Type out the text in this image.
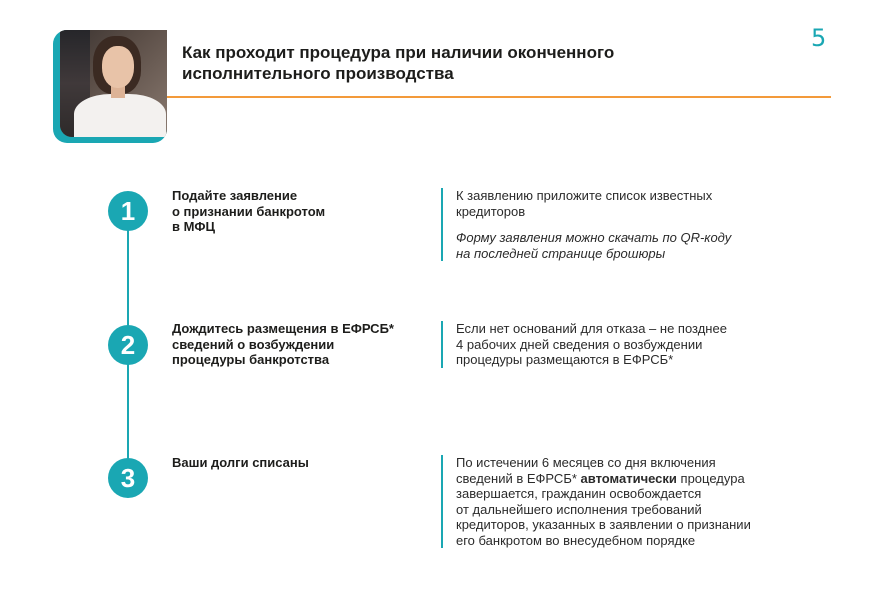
5
Как проходит процедура при наличии оконченного исполнительного производства
1
Подайте заявление
о признании банкротом
в МФЦ

К заявлению приложите список известных
кредиторов

Форму заявления можно скачать по QR-коду
на последней странице брошюры

2
Дождитесь размещения в ЕФРСБ*
сведений о возбуждении
процедуры банкротства

Если нет оснований для отказа – не позднее
4 рабочих дней сведения о возбуждении
процедуры размещаются в ЕФРСБ*

3
Ваши долги списаны	По истечении 6 месяцев со дня включения
сведений в ЕФРСБ* автоматически процедура
завершается, гражданин освобождается
от дальнейшего исполнения требований
кредиторов, указанных в заявлении о признании
его банкротом во внесудебном порядке
